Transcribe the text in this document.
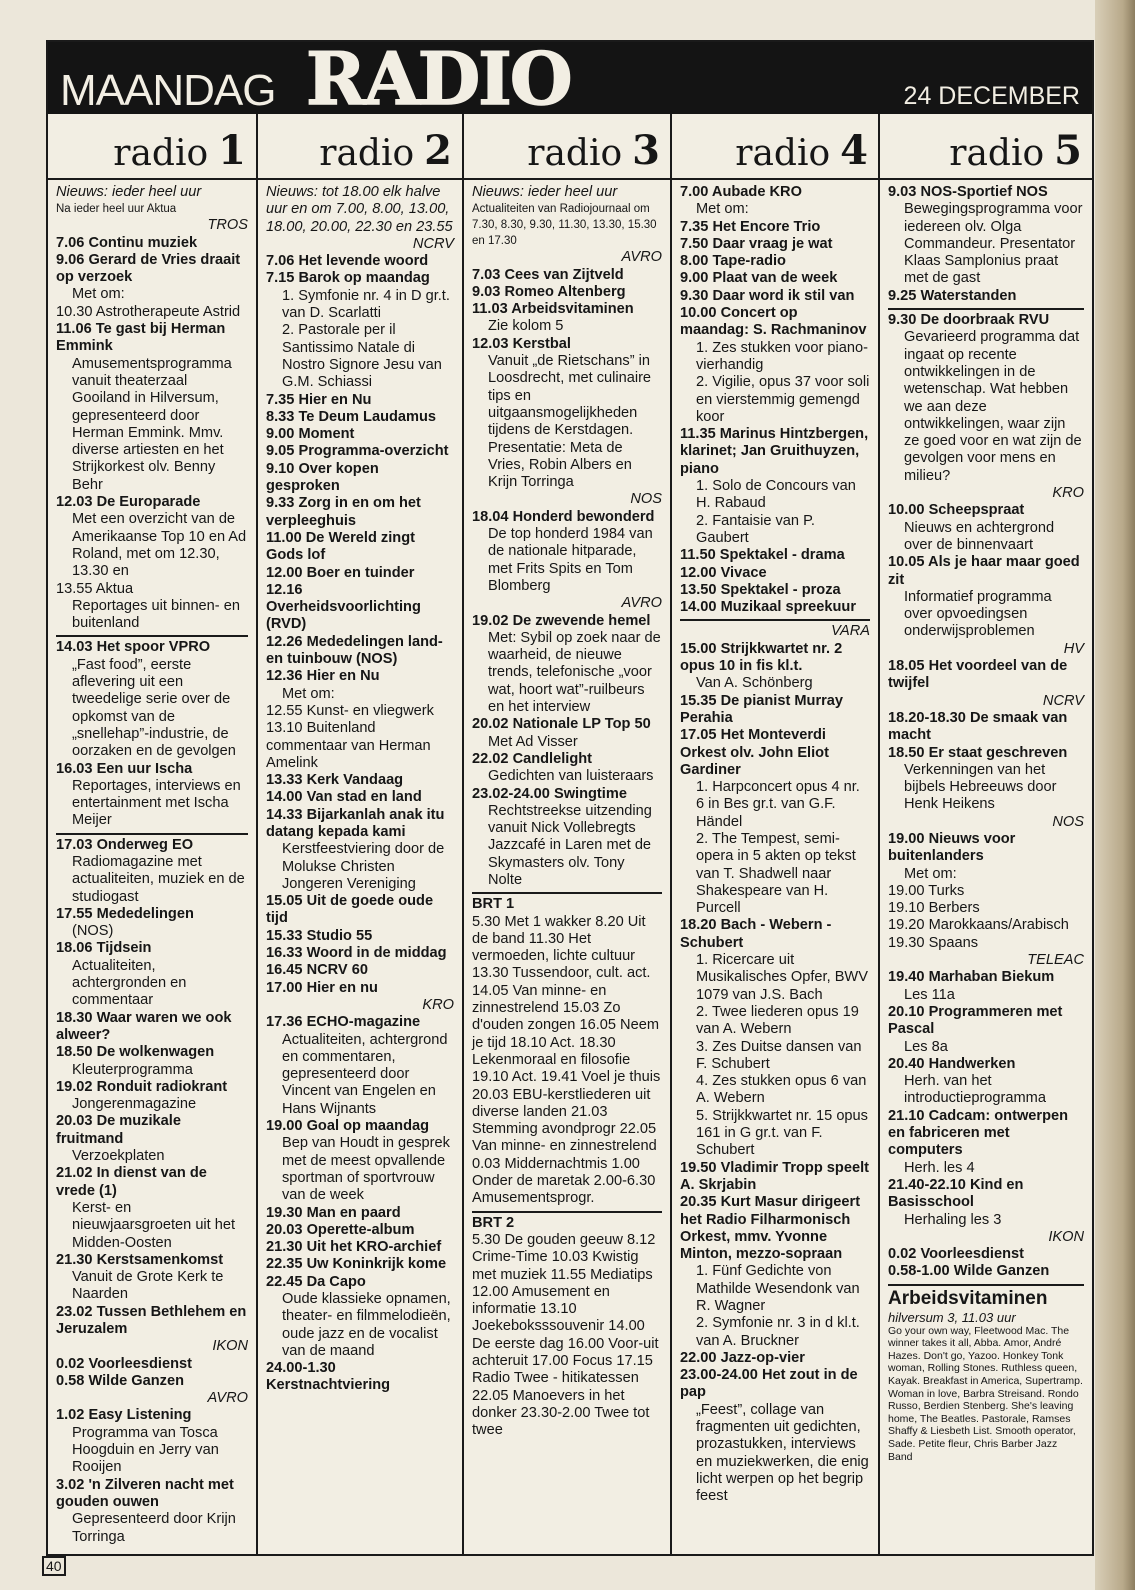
MAANDAG RADIO	24 DECEMBER
radio 1
Nieuws: ieder heel uur
Na ieder heel uur Aktua
TROS
7.06 Continu muziek
9.06 Gerard de Vries draait op verzoek
Met om:
10.30 Astrotherapeute Astrid
11.06 Te gast bij Herman Emmink
Amusementsprogramma vanuit theaterzaal Gooiland in Hilversum, gepresenteerd door Herman Emmink. Mmv. diverse artiesten en het Strijkorkest olv. Benny Behr
12.03 De Europarade
Met een overzicht van de Amerikaanse Top 10 en Ad Roland, met om 12.30, 13.30 en
13.55 Aktua
Reportages uit binnen- en buitenland
14.03 Het spoor VPRO
„Fast food”, eerste aflevering uit een tweedelige serie over de opkomst van de „snellehap”-industrie, de oorzaken en de gevolgen
16.03 Een uur Ischa
Reportages, interviews en entertainment met Ischa Meijer
17.03 Onderweg EO
Radiomagazine met actualiteiten, muziek en de studiogast
17.55 Mededelingen
(NOS)
18.06 Tijdsein
Actualiteiten, achtergronden en commentaar
18.30 Waar waren we ook alweer?
18.50 De wolkenwagen
Kleuterprogramma
19.02 Ronduit radiokrant
Jongerenmagazine
20.03 De muzikale fruitmand
Verzoekplaten
21.02 In dienst van de vrede (1)
Kerst- en nieuwjaarsgroeten uit het Midden-Oosten
21.30 Kerstsamenkomst
Vanuit de Grote Kerk te Naarden
23.02 Tussen Bethlehem en Jeruzalem
IKON
0.02 Voorleesdienst
0.58 Wilde Ganzen
AVRO
1.02 Easy Listening
Programma van Tosca Hoogduin en Jerry van Rooijen
3.02 'n Zilveren nacht met gouden ouwen
Gepresenteerd door Krijn Torringa
radio 2
Nieuws: tot 18.00 elk halve uur en om 7.00, 8.00, 13.00, 18.00, 20.00, 22.30 en 23.55
NCRV
7.06 Het levende woord
7.15 Barok op maandag
1. Symfonie nr. 4 in D gr.t. van D. Scarlatti
2. Pastorale per il Santissimo Natale di Nostro Signore Jesu van G.M. Schiassi
7.35 Hier en Nu
8.33 Te Deum Laudamus
9.00 Moment
9.05 Programma-overzicht
9.10 Over kopen gesproken
9.33 Zorg in en om het verpleeghuis
11.00 De Wereld zingt Gods lof
12.00 Boer en tuinder
12.16 Overheidsvoorlichting (RVD)
12.26 Mededelingen land- en tuinbouw (NOS)
12.36 Hier en Nu
Met om:
12.55 Kunst- en vliegwerk
13.10 Buitenland commentaar van Herman Amelink
13.33 Kerk Vandaag
14.00 Van stad en land
14.33 Bijarkanlah anak itu datang kepada kami
Kerstfeestviering door de Molukse Christen Jongeren Vereniging
15.05 Uit de goede oude tijd
15.33 Studio 55
16.33 Woord in de middag
16.45 NCRV 60
17.00 Hier en nu
KRO
17.36 ECHO-magazine
Actualiteiten, achtergrond en commentaren, gepresenteerd door Vincent van Engelen en Hans Wijnants
19.00 Goal op maandag
Bep van Houdt in gesprek met de meest opvallende sportman of sportvrouw van de week
19.30 Man en paard
20.03 Operette-album
21.30 Uit het KRO-archief
22.35 Uw Koninkrijk kome
22.45 Da Capo
Oude klassieke opnamen, theater- en filmmelodieën, oude jazz en de vocalist van de maand
24.00-1.30 Kerstnachtviering
radio 3
Nieuws: ieder heel uur
Actualiteiten van Radiojournaal om 7.30, 8.30, 9.30, 11.30, 13.30, 15.30 en 17.30
AVRO
7.03 Cees van Zijtveld
9.03 Romeo Altenberg
11.03 Arbeidsvitaminen
Zie kolom 5
12.03 Kerstbal
Vanuit „de Rietschans” in Loosdrecht, met culinaire tips en uitgaansmogelijkheden tijdens de Kerstdagen. Presentatie: Meta de Vries, Robin Albers en Krijn Torringa
NOS
18.04 Honderd bewonderd
De top honderd 1984 van de nationale hitparade, met Frits Spits en Tom Blomberg
AVRO
19.02 De zwevende hemel
Met: Sybil op zoek naar de waarheid, de nieuwe trends, telefonische „voor wat, hoort wat”-ruilbeurs en het interview
20.02 Nationale LP Top 50
Met Ad Visser
22.02 Candlelight
Gedichten van luisteraars
23.02-24.00 Swingtime
Rechtstreekse uitzending vanuit Nick Vollebregts Jazzcafé in Laren met de Skymasters olv. Tony Nolte
BRT 1
5.30 Met 1 wakker 8.20 Uit de band 11.30 Het vermoeden, lichte cultuur 13.30 Tussendoor, cult. act. 14.05 Van minne- en zinnestrelend 15.03 Zo d'ouden zongen 16.05 Neem je tijd 18.10 Act. 18.30 Lekenmoraal en filosofie 19.10 Act. 19.41 Voel je thuis 20.03 EBU-kerstliederen uit diverse landen 21.03 Stemming avondprogr 22.05 Van minne- en zinnestrelend 0.03 Middernachtmis 1.00 Onder de maretak 2.00-6.30 Amusementsprogr.
BRT 2
5.30 De gouden geeuw 8.12 Crime-Time 10.03 Kwistig met muziek 11.55 Mediatips 12.00 Amusement en informatie 13.10 Joekeboksssouvenir 14.00 De eerste dag 16.00 Voor-uit achteruit 17.00 Focus 17.15 Radio Twee - hitikatessen 22.05 Manoevers in het donker 23.30-2.00 Twee tot twee
radio 4
7.00 Aubade KRO
Met om:
7.35 Het Encore Trio
7.50 Daar vraag je wat
8.00 Tape-radio
9.00 Plaat van de week
9.30 Daar word ik stil van
10.00 Concert op maandag: S. Rachmaninov
1. Zes stukken voor piano-vierhandig
2. Vigilie, opus 37 voor soli en vierstemmig gemengd koor
11.35 Marinus Hintzbergen, klarinet; Jan Gruithuyzen, piano
1. Solo de Concours van H. Rabaud
2. Fantaisie van P. Gaubert
11.50 Spektakel - drama
12.00 Vivace
13.50 Spektakel - proza
14.00 Muzikaal spreekuur
VARA
15.00 Strijkkwartet nr. 2 opus 10 in fis kl.t.
Van A. Schönberg
15.35 De pianist Murray Perahia
17.05 Het Monteverdi Orkest olv. John Eliot Gardiner
1. Harpconcert opus 4 nr. 6 in Bes gr.t. van G.F. Händel
2. The Tempest, semi-opera in 5 akten op tekst van T. Shadwell naar Shakespeare van H. Purcell
18.20 Bach - Webern - Schubert
1. Ricercare uit Musikalisches Opfer, BWV 1079 van J.S. Bach
2. Twee liederen opus 19 van A. Webern
3. Zes Duitse dansen van F. Schubert
4. Zes stukken opus 6 van A. Webern
5. Strijkkwartet nr. 15 opus 161 in G gr.t. van F. Schubert
19.50 Vladimir Tropp speelt A. Skrjabin
20.35 Kurt Masur dirigeert het Radio Filharmonisch Orkest, mmv. Yvonne Minton, mezzo-sopraan
1. Fünf Gedichte von Mathilde Wesendonk van R. Wagner
2. Symfonie nr. 3 in d kl.t. van A. Bruckner
22.00 Jazz-op-vier
23.00-24.00 Het zout in de pap
„Feest”, collage van fragmenten uit gedichten, prozastukken, interviews en muziekwerken, die enig licht werpen op het begrip feest
radio 5
9.03 NOS-Sportief NOS
Bewegingsprogramma voor iedereen olv. Olga Commandeur. Presentator Klaas Samplonius praat met de gast
9.25 Waterstanden
9.30 De doorbraak RVU
Gevarieerd programma dat ingaat op recente ontwikkelingen in de wetenschap. Wat hebben we aan deze ontwikkelingen, waar zijn ze goed voor en wat zijn de gevolgen voor mens en milieu?
KRO
10.00 Scheepspraat
Nieuws en achtergrond over de binnenvaart
10.05 Als je haar maar goed zit
Informatief programma over opvoedingsen onderwijsproblemen
HV
18.05 Het voordeel van de twijfel
NCRV
18.20-18.30 De smaak van macht
18.50 Er staat geschreven
Verkenningen van het bijbels Hebreeuws door Henk Heikens
NOS
19.00 Nieuws voor buitenlanders
Met om:
19.00 Turks
19.10 Berbers
19.20 Marokkaans/Arabisch
19.30 Spaans
TELEAC
19.40 Marhaban Biekum
Les 11a
20.10 Programmeren met Pascal
Les 8a
20.40 Handwerken
Herh. van het introductieprogramma
21.10 Cadcam: ontwerpen en fabriceren met computers
Herh. les 4
21.40-22.10 Kind en Basisschool
Herhaling les 3
IKON
0.02 Voorleesdienst
0.58-1.00 Wilde Ganzen
Arbeidsvitaminen
hilversum 3, 11.03 uur
Go your own way, Fleetwood Mac. The winner takes it all, Abba. Amor, André Hazes. Don't go, Yazoo. Honkey Tonk woman, Rolling Stones. Ruthless queen, Kayak. Breakfast in America, Supertramp. Woman in love, Barbra Streisand. Rondo Russo, Berdien Stenberg. She's leaving home, The Beatles. Pastorale, Ramses Shaffy & Liesbeth List. Smooth operator, Sade. Petite fleur, Chris Barber Jazz Band
40
